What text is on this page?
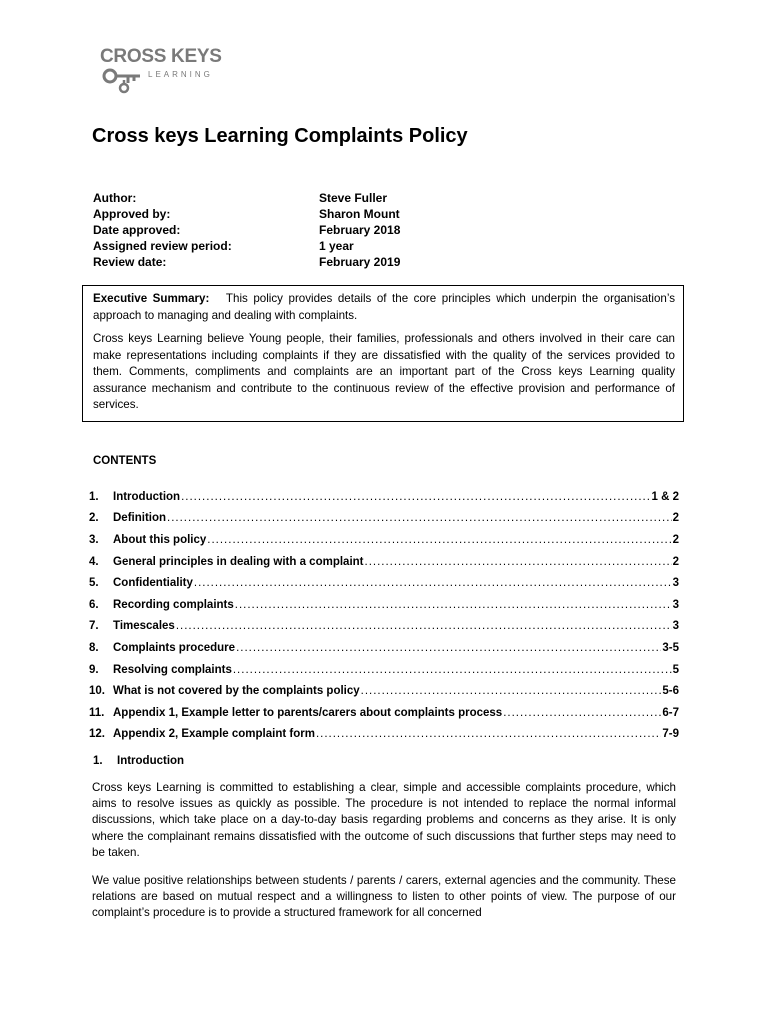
CROSS KEYS
LEARNING
Cross keys Learning Complaints Policy
Author:	Steve Fuller
Approved by:	Sharon Mount
Date approved:	February 2018
Assigned review period:	1 year
Review date:	February 2019

Executive Summary: This policy provides details of the core principles which underpin the organisation’s approach to managing and dealing with complaints.

Cross keys Learning believe Young people, their families, professionals and others involved in their care can make representations including complaints if they are dissatisfied with the quality of the services provided to them. Comments, compliments and complaints are an important part of the Cross keys Learning quality assurance mechanism and contribute to the continuous review of the effective provision and performance of services.

CONTENTS
1.	Introduction .....	1 & 2
2.	Definition .....	2
3.	About this policy .....	2
4.	General principles in dealing with a complaint .....	2
5.	Confidentiality .....	3
6.	Recording complaints .....	3
7.	Timescales .....	3
8.	Complaints procedure .....	3-5
9.	Resolving complaints .....	5
10. What is not covered by the complaints policy .....	5-6
11. Appendix 1, Example letter to parents/carers about complaints process .....	6-7
12. Appendix 2, Example complaint form .....	7-9
1. Introduction

Cross keys Learning is committed to establishing a clear, simple and accessible complaints procedure, which aims to resolve issues as quickly as possible. The procedure is not intended to replace the normal informal discussions, which take place on a day-to-day basis regarding problems and concerns as they arise. It is only where the complainant remains dissatisfied with the outcome of such discussions that further steps may need to be taken.

We value positive relationships between students / parents / carers, external agencies and the community. These relations are based on mutual respect and a willingness to listen to other points of view. The purpose of our complaint’s procedure is to provide a structured framework for all concerned
